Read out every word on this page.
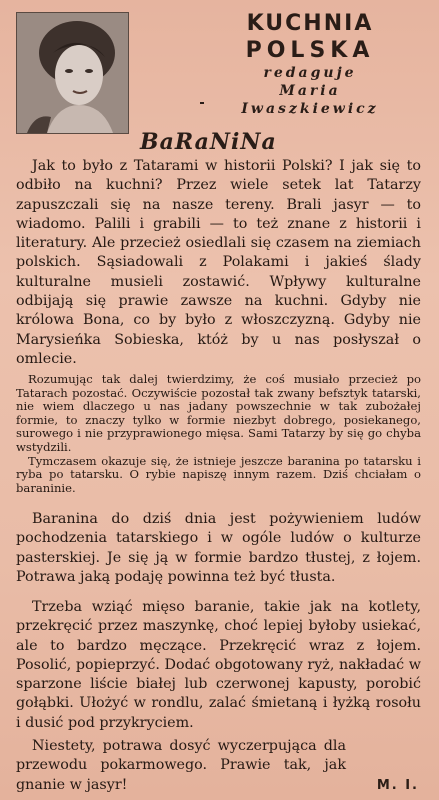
KUCHNIA
POLSKA
redaguje
Maria
Iwaszkiewicz
BaRaNiNa

Jak to było z Tatarami w historii Polski? I jak się to odbiło na kuchni? Przez wiele setek lat Tatarzy zapuszczali się na nasze tereny. Brali jasyr — to wiadomo. Palili i grabili — to też znane z historii i literatury. Ale przecież osiedlali się czasem na ziemiach polskich. Sąsiadowali z Polakami i jakieś ślady kulturalne musieli zostawić. Wpływy kulturalne odbijają się prawie zawsze na kuchni. Gdyby nie królowa Bona, co by było z włoszczyzną. Gdyby nie Marysieńka Sobieska, któż by u nas posłyszał o omlecie.

Rozumując tak dalej twierdzimy, że coś musiało przecież po Tatarach pozostać. Oczywiście pozostał tak zwany befsztyk tatarski, nie wiem dlaczego u nas jadany powszechnie w tak zubożałej formie, to znaczy tylko w formie niezbyt dobrego, posiekanego, surowego i nie przyprawionego mięsa. Sami Tatarzy by się go chyba wstydzili.

Tymczasem okazuje się, że istnieje jeszcze baranina po tatarsku i ryba po tatarsku. O rybie napiszę innym razem. Dziś chciałam o baraninie.

Baranina do dziś dnia jest pożywieniem ludów pochodzenia tatarskiego i w ogóle ludów o kulturze pasterskiej. Je się ją w formie bardzo tłustej, z łojem. Potrawa jaką podaję powinna też być tłusta.

Trzeba wziąć mięso baranie, takie jak na kotlety, przekręcić przez maszynkę, choć lepiej byłoby usiekać, ale to bardzo męczące. Przekręcić wraz z łojem. Posolić, popieprzyć. Dodać obgotowany ryż, nakładać w sparzone liście białej lub czerwonej kapusty, porobić gołąbki. Ułożyć w rondlu, zalać śmietaną i łyżką rosołu i dusić pod przykryciem.

Niestety, potrawa dosyć wyczerpująca dla przewodu pokarmowego. Prawie tak, jak gnanie w jasyr!	M. I.
